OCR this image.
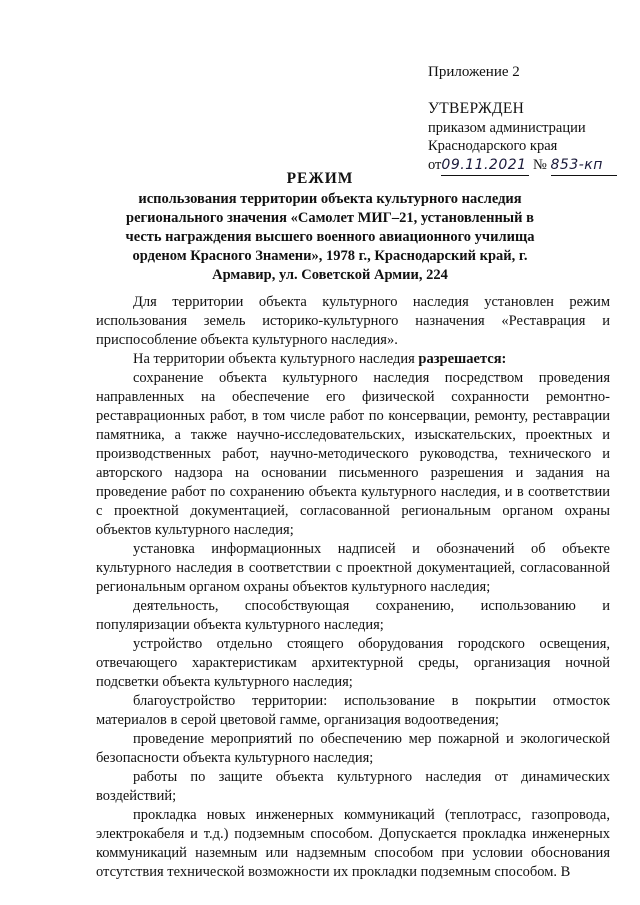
Приложение 2
УТВЕРЖДЕН
приказом администрации
Краснодарского края
от09.11.2021 № 853-кп
РЕЖИМ
использования территории объекта культурного наследия регионального значения «Самолет МИГ–21, установленный в честь награждения высшего военного авиационного училища орденом Красного Знамени», 1978 г., Краснодарский край, г. Армавир, ул. Советской Армии, 224

Для территории объекта культурного наследия установлен режим использования земель историко-культурного назначения «Реставрация и приспособление объекта культурного наследия».

На территории объекта культурного наследия разрешается:

сохранение объекта культурного наследия посредством проведения направленных на обеспечение его физической сохранности ремонтно-реставрационных работ, в том числе работ по консервации, ремонту, реставрации памятника, а также научно-исследовательских, изыскательских, проектных и производственных работ, научно-методического руководства, технического и авторского надзора на основании письменного разрешения и задания на проведение работ по сохранению объекта культурного наследия, и в соответствии с проектной документацией, согласованной региональным органом охраны объектов культурного наследия;

установка информационных надписей и обозначений об объекте культурного наследия в соответствии с проектной документацией, согласованной региональным органом охраны объектов культурного наследия;

деятельность, способствующая сохранению, использованию и популяризации объекта культурного наследия;

устройство отдельно стоящего оборудования городского освещения, отвечающего характеристикам архитектурной среды, организация ночной подсветки объекта культурного наследия;

благоустройство территории: использование в покрытии отмосток материалов в серой цветовой гамме, организация водоотведения;

проведение мероприятий по обеспечению мер пожарной и экологической безопасности объекта культурного наследия;

работы по защите объекта культурного наследия от динамических воздействий;

прокладка новых инженерных коммуникаций (теплотрасс, газопровода, электрокабеля и т.д.) подземным способом. Допускается прокладка инженерных коммуникаций наземным или надземным способом при условии обоснования отсутствия технической возможности их прокладки подземным способом. В
